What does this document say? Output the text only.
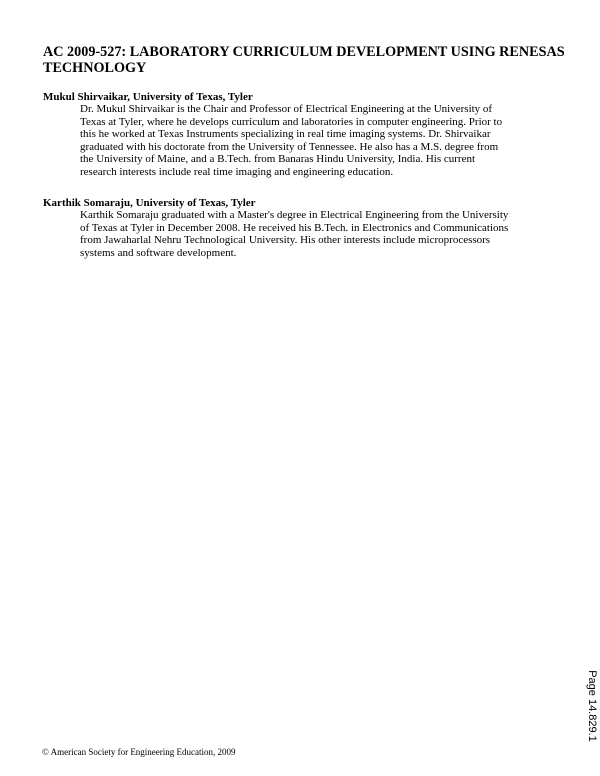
AC 2009-527: LABORATORY CURRICULUM DEVELOPMENT USING RENESAS TECHNOLOGY
Mukul Shirvaikar, University of Texas, Tyler
Dr. Mukul Shirvaikar is the Chair and Professor of Electrical Engineering at the University of
Texas at Tyler, where he develops curriculum and laboratories in computer engineering. Prior to
this he worked at Texas Instruments specializing in real time imaging systems. Dr. Shirvaikar
graduated with his doctorate from the University of Tennessee. He also has a M.S. degree from
the University of Maine, and a B.Tech. from Banaras Hindu University, India. His current
research interests include real time imaging and engineering education.
Karthik Somaraju, University of Texas, Tyler
Karthik Somaraju graduated with a Master's degree in Electrical Engineering from the University
of Texas at Tyler in December 2008. He received his B.Tech. in Electronics and Communications
from Jawaharlal Nehru Technological University. His other interests include microprocessors
systems and software development.
© American Society for Engineering Education, 2009
Page 14.829.1
